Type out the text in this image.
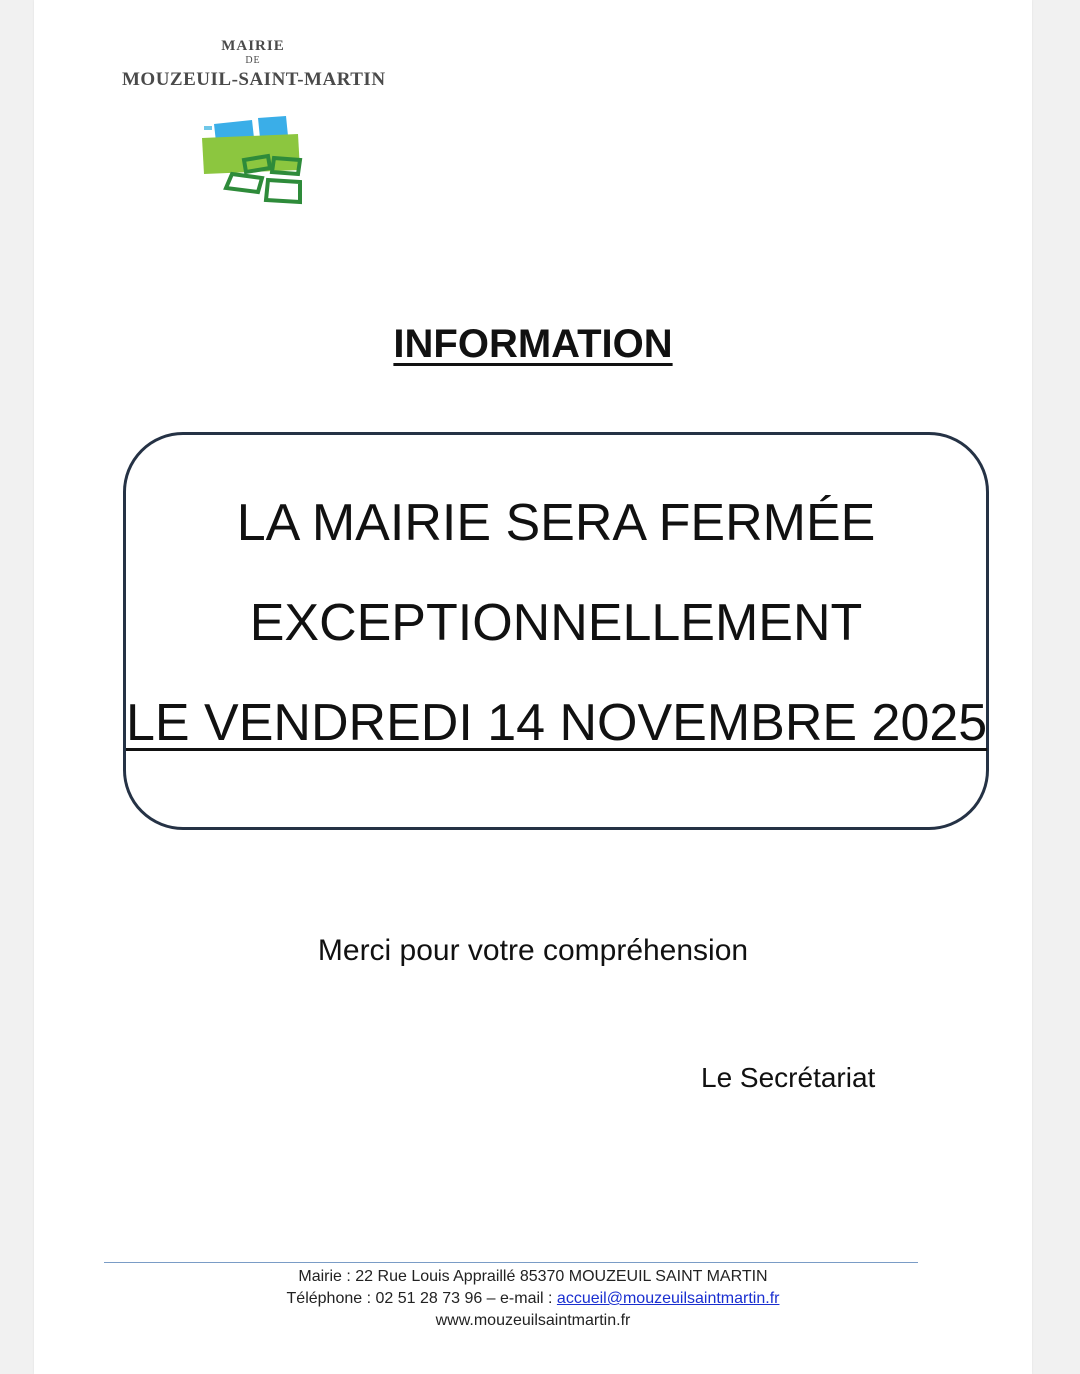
MAIRIE
DE
MOUZEUIL-SAINT-MARTIN
INFORMATION
LA MAIRIE SERA FERMÉE
EXCEPTIONNELLEMENT
LE VENDREDI 14 NOVEMBRE 2025
Merci pour votre compréhension
Le Secrétariat
Mairie : 22 Rue Louis Appraillé 85370 MOUZEUIL SAINT MARTIN
Téléphone : 02 51 28 73 96 – e-mail : accueil@mouzeuilsaintmartin.fr
www.mouzeuilsaintmartin.fr
